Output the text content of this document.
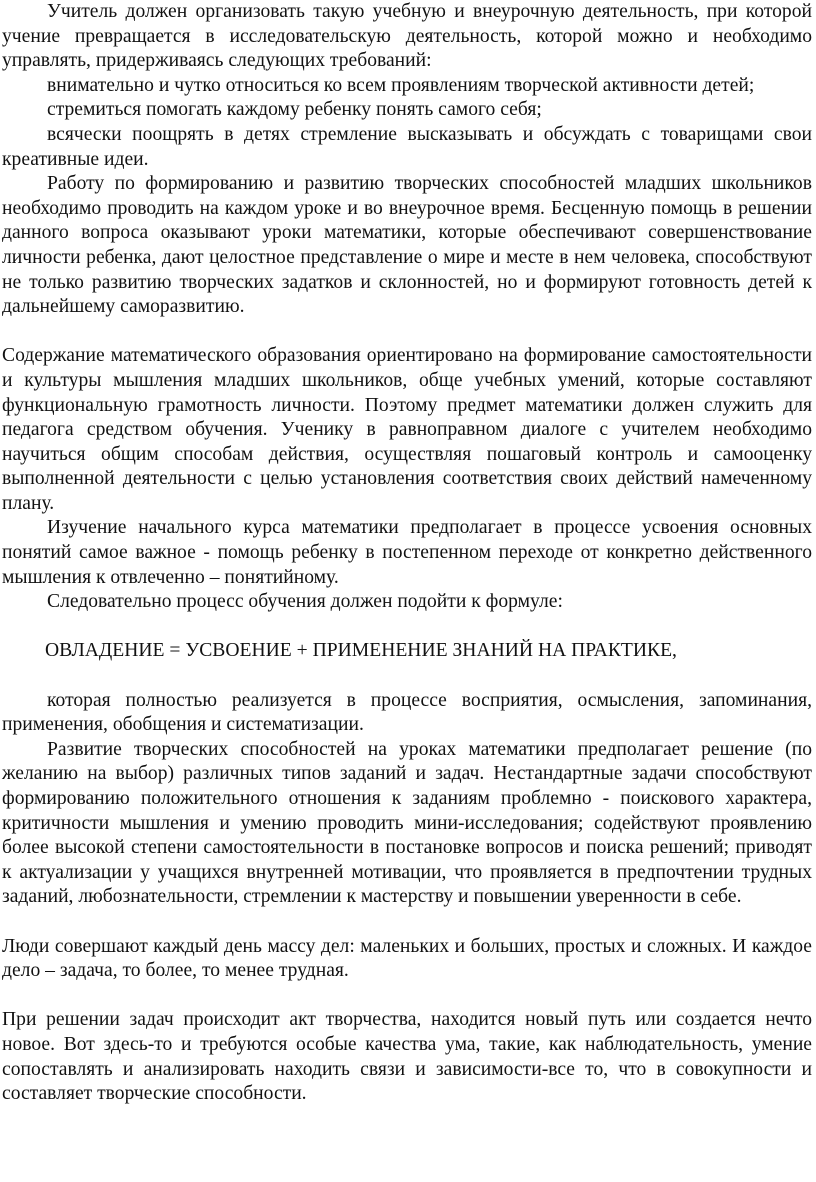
Учитель должен организовать такую учебную и внеурочную деятельность, при которой учение превращается в исследовательскую деятельность, которой можно и необходимо управлять, придерживаясь следующих требований:

внимательно и чутко относиться ко всем проявлениям творческой активности детей;

стремиться помогать каждому ребенку понять самого себя;

всячески поощрять в детях стремление высказывать и обсуждать с товарищами свои креативные идеи.

Работу по формированию и развитию творческих способностей младших школьников необходимо проводить на каждом уроке и во внеурочное время. Бесценную помощь в решении данного вопроса оказывают уроки математики, которые обеспечивают совершенствование личности ребенка, дают целостное представление о мире и месте в нем человека, способствуют не только развитию творческих задатков и склонностей, но и формируют готовность детей к дальнейшему саморазвитию.

Содержание математического образования ориентировано на формирование самостоятельности и культуры мышления младших школьников, обще учебных умений, которые составляют функциональную грамотность личности. Поэтому предмет математики должен служить для педагога средством обучения. Ученику в равноправном диалоге с учителем необходимо научиться общим способам действия, осуществляя пошаговый контроль и самооценку выполненной деятельности с целью установления соответствия своих действий намеченному плану.

Изучение начального курса математики предполагает в процессе усвоения основных понятий самое важное - помощь ребенку в постепенном переходе от конкретно действенного мышления к отвлеченно – понятийному.

Следовательно процесс обучения должен подойти к формуле:

ОВЛАДЕНИЕ = УСВОЕНИЕ + ПРИМЕНЕНИЕ ЗНАНИЙ НА ПРАКТИКЕ,

которая полностью реализуется в процессе восприятия, осмысления, запоминания, применения, обобщения и систематизации.

Развитие творческих способностей на уроках математики предполагает решение (по желанию на выбор) различных типов заданий и задач. Нестандартные задачи способствуют формированию положительного отношения к заданиям проблемно - поискового характера, критичности мышления и умению проводить мини-исследования; содействуют проявлению более высокой степени самостоятельности в постановке вопросов и поиска решений; приводят к актуализации у учащихся внутренней мотивации, что проявляется в предпочтении трудных заданий, любознательности, стремлении к мастерству и повышении уверенности в себе.

Люди совершают каждый день массу дел: маленьких и больших, простых и сложных. И каждое дело – задача, то более, то менее трудная.

При решении задач происходит акт творчества, находится новый путь или создается нечто новое. Вот здесь-то и требуются особые качества ума, такие, как наблюдательность, умение сопоставлять и анализировать находить связи и зависимости-все то, что в совокупности и составляет творческие способности.
